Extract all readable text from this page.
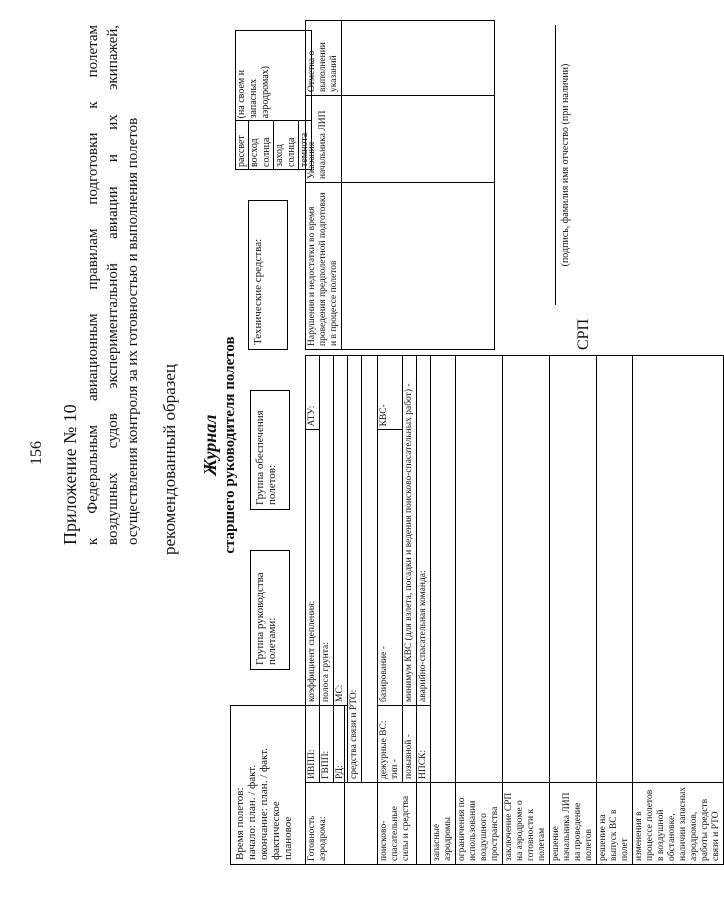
156 Приложение № 10 к Федеральным авиационным правилам подготовки к полетам воздушных судов экспериментальной авиации и их экипажей, осуществления контроля за их готовностью и выполнения полетов рекомендованный образец Журнал старшего руководителя полетов
Время полетов: начало: план. / факт. окончание: план. / факт. фактическое плановое
Группа руководства полетами:
Группа обеспечения полетов:
Технические средства:
рассвет	(на своем и запасных аэродромах)
восход солнца
заход солнца
темнота
Готовность аэродрома:	ИВПП:	коэффициент сцепления:	АТУ:
	ГВПП:	полоса грунта:	
	РД:	МС:	
	средства связи и РТО:		

поисково-спасательные силы и средства	дежурные ВС: тип -	базирование -	КВС-
	позывной -	минимум КВС (для взлета, посадки и ведения поисково-спасательных работ) -	
	НПСК:	аварийно-спасательная команда:	
запасные аэродромы			
ограничения по использовании воздушного пространства			
заключение СРП на аэродроме о готовности к полетам			
решение начальника ЛИП на проведение полетов			
решение на выпуск ВС в полет			
изменения в процессе полетов в воздушной обстановке, наличии запасных аэродромов, работы средств связи и РТО			
Нарушения и недостатки во время проведения предполетной подготовки и в процессе полетов	Указания начальника ЛИП	Отметка о выполнении указаний

СРП
(подпись, фамилия имя отчество (при наличии)
